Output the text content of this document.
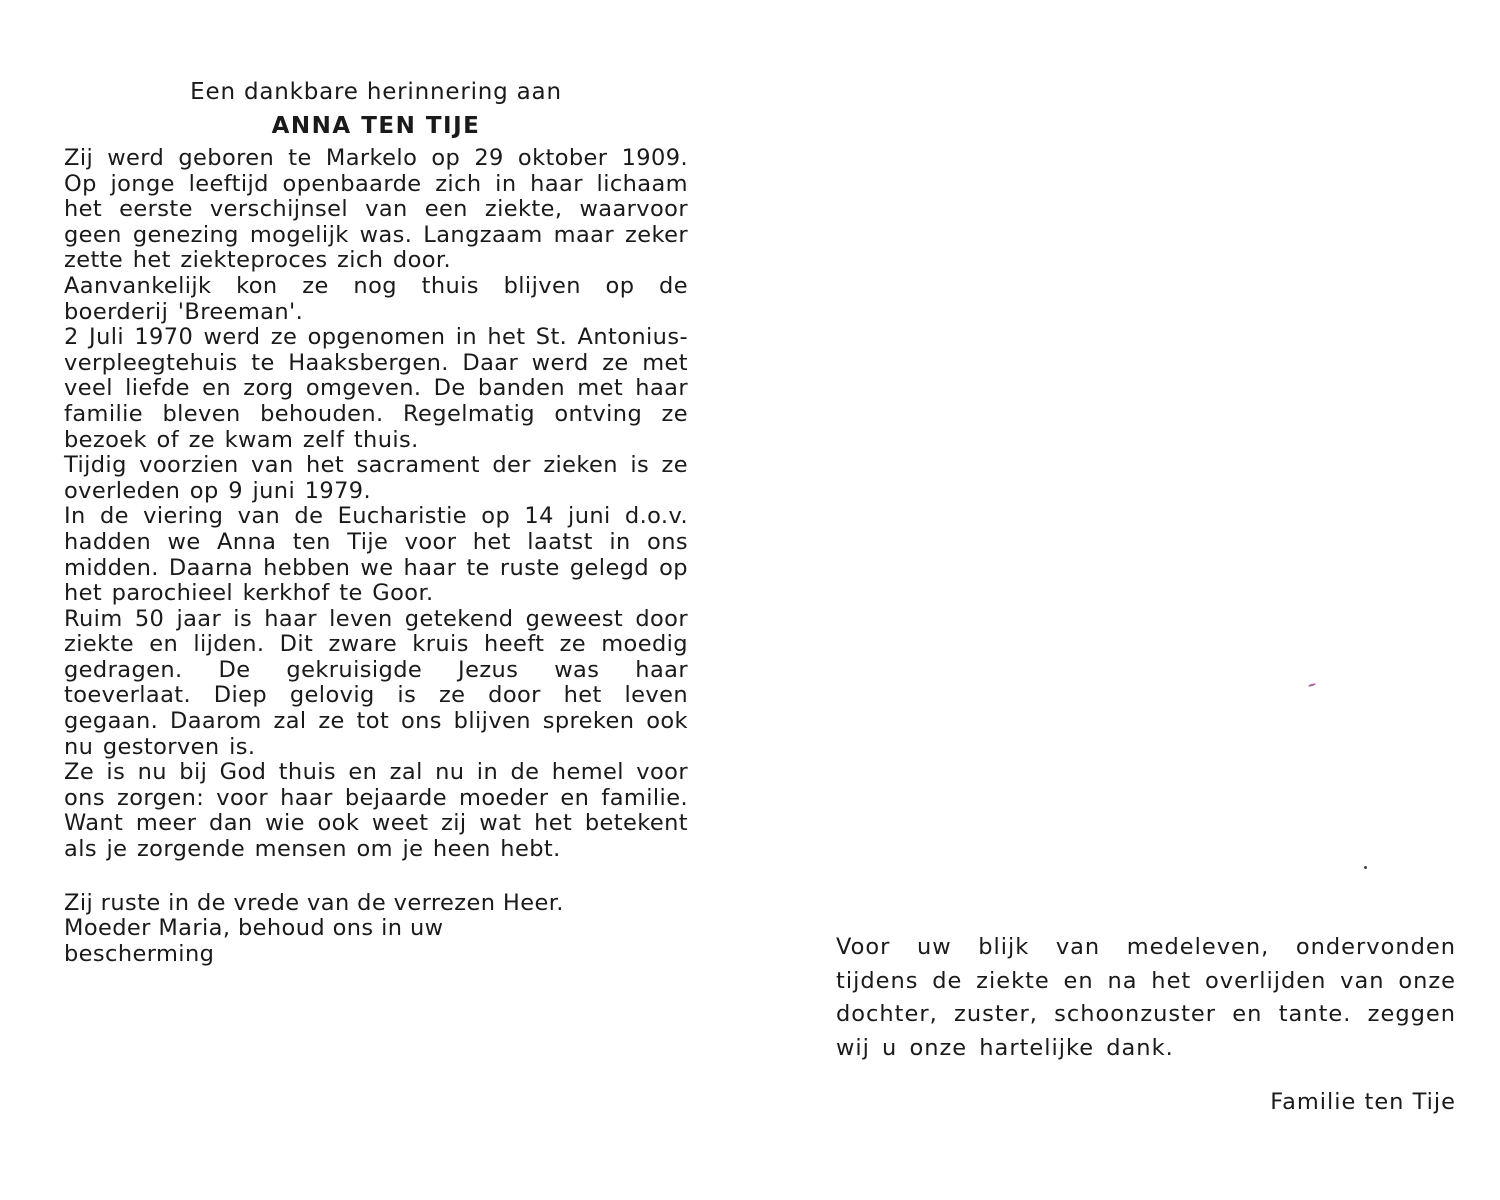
Een dankbare herinnering aan

ANNA TEN TIJE

Zij werd geboren te Markelo op 29 oktober 1909. Op jonge leeftijd openbaarde zich in haar lichaam het eerste verschijnsel van een ziekte, waarvoor geen genezing mogelijk was. Langzaam maar zeker zette het ziekteproces zich door.

Aanvankelijk kon ze nog thuis blijven op de boerderij 'Breeman'.

2 Juli 1970 werd ze opgenomen in het St. Antonius-verpleegtehuis te Haaksbergen. Daar werd ze met veel liefde en zorg omgeven. De banden met haar familie bleven behouden. Regelmatig ontving ze bezoek of ze kwam zelf thuis.

Tijdig voorzien van het sacrament der zieken is ze overleden op 9 juni 1979.

In de viering van de Eucharistie op 14 juni d.o.v. hadden we Anna ten Tije voor het laatst in ons midden. Daarna hebben we haar te ruste gelegd op het parochieel kerkhof te Goor.

Ruim 50 jaar is haar leven getekend geweest door ziekte en lijden. Dit zware kruis heeft ze moedig gedragen. De gekruisigde Jezus was haar toeverlaat. Diep gelovig is ze door het leven gegaan. Daarom zal ze tot ons blijven spreken ook nu gestorven is.

Ze is nu bij God thuis en zal nu in de hemel voor ons zorgen: voor haar bejaarde moeder en familie. Want meer dan wie ook weet zij wat het betekent als je zorgende mensen om je heen hebt.

Zij ruste in de vrede van de verrezen Heer.
Moeder Maria, behoud ons in uw
bescherming	Voor uw blijk van medeleven, ondervonden tijdens de ziekte en na het overlijden van onze dochter, zuster, schoonzuster en tante. zeggen wij u onze hartelijke dank.

Familie ten Tije
